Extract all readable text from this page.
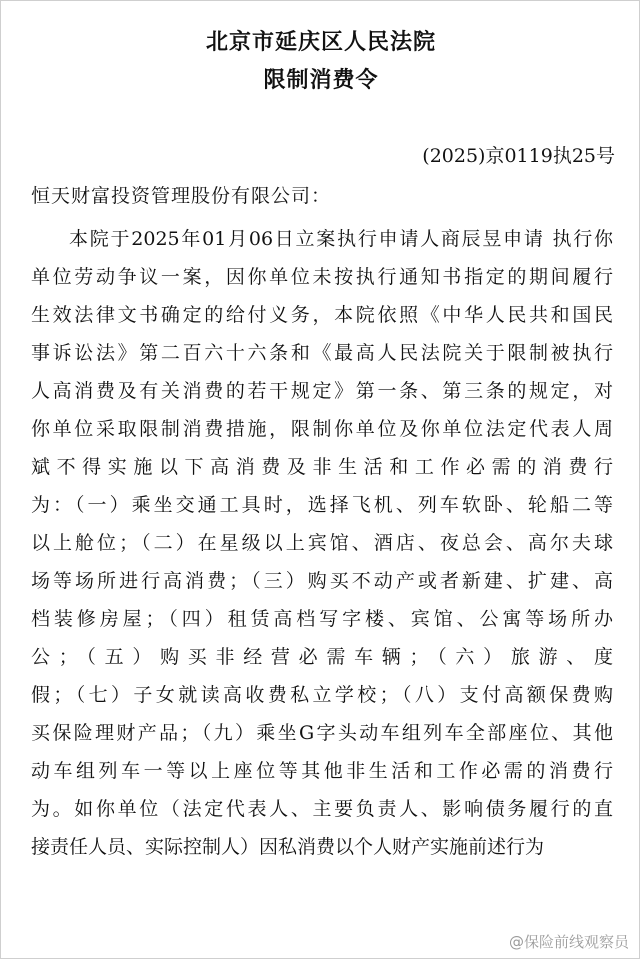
北京市延庆区人民法院
限制消费令
(2025)京0119执25号
恒天财富投资管理股份有限公司：
本院于2025年01月06日立案执行申请人商辰昱申请 执行你
单位劳动争议一案，因你单位未按执行通知书指定的期间履行
生效法律文书确定的给付义务，本院依照《中华人民共和国民
事诉讼法》第二百六十六条和《最高人民法院关于限制被执行
人高消费及有关消费的若干规定》第一条、第三条的规定，对
你单位采取限制消费措施，限制你单位及你单位法定代表人周
斌不得实施以下高消费及非生活和工作必需的消费行
为：（一）乘坐交通工具时，选择飞机、列车软卧、轮船二等
以上舱位；（二）在星级以上宾馆、酒店、夜总会、高尔夫球
场等场所进行高消费；（三）购买不动产或者新建、扩建、高
档装修房屋；（四）租赁高档写字楼、宾馆、公寓等场所办
公；（五）购买非经营必需车辆；（六）旅游、度
假；（七）子女就读高收费私立学校；（八）支付高额保费购
买保险理财产品；（九）乘坐G字头动车组列车全部座位、其他
动车组列车一等以上座位等其他非生活和工作必需的消费行
为。如你单位（法定代表人、主要负责人、影响债务履行的直
接责任人员、实际控制人）因私消费以个人财产实施前述行为
@保险前线观察员
